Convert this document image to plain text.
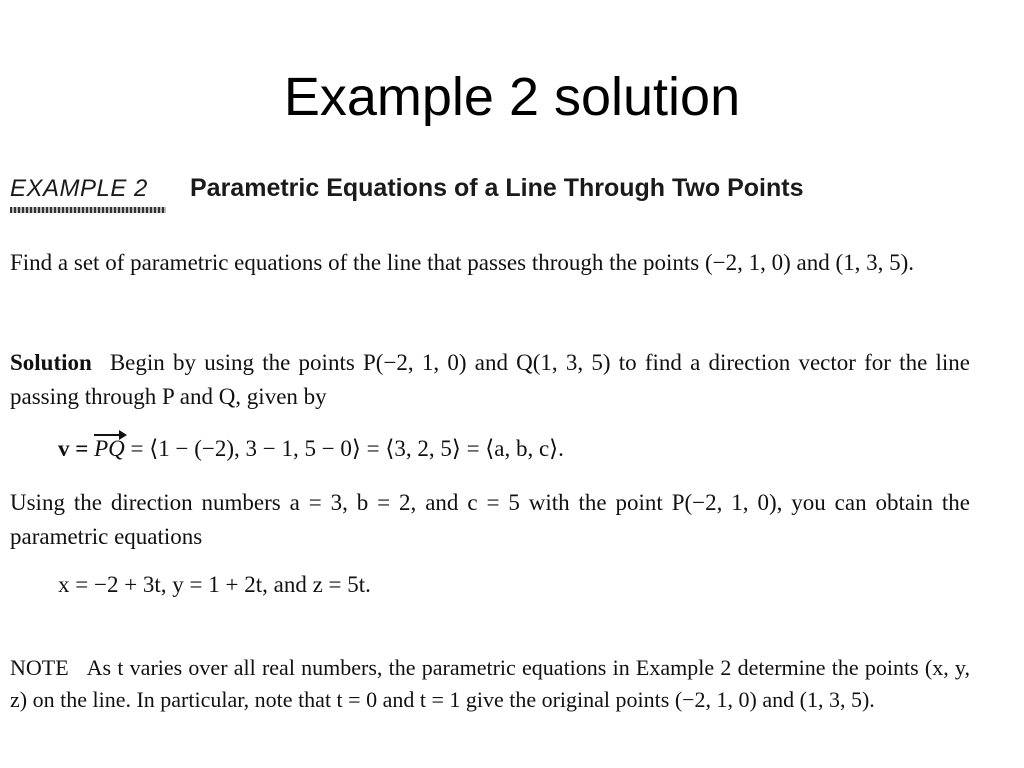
Example 2 solution
EXAMPLE 2	Parametric Equations of a Line Through Two Points
Find a set of parametric equations of the line that passes through the points (−2, 1, 0) and (1, 3, 5).
Solution Begin by using the points P(−2, 1, 0) and Q(1, 3, 5) to find a direction vector for the line passing through P and Q, given by
v = PQ = ⟨1 − (−2), 3 − 1, 5 − 0⟩ = ⟨3, 2, 5⟩ = ⟨a, b, c⟩.
Using the direction numbers a = 3, b = 2, and c = 5 with the point P(−2, 1, 0), you can obtain the parametric equations
x = −2 + 3t, y = 1 + 2t, and z = 5t.
NOTE As t varies over all real numbers, the parametric equations in Example 2 determine the points (x, y, z) on the line. In particular, note that t = 0 and t = 1 give the original points (−2, 1, 0) and (1, 3, 5).
